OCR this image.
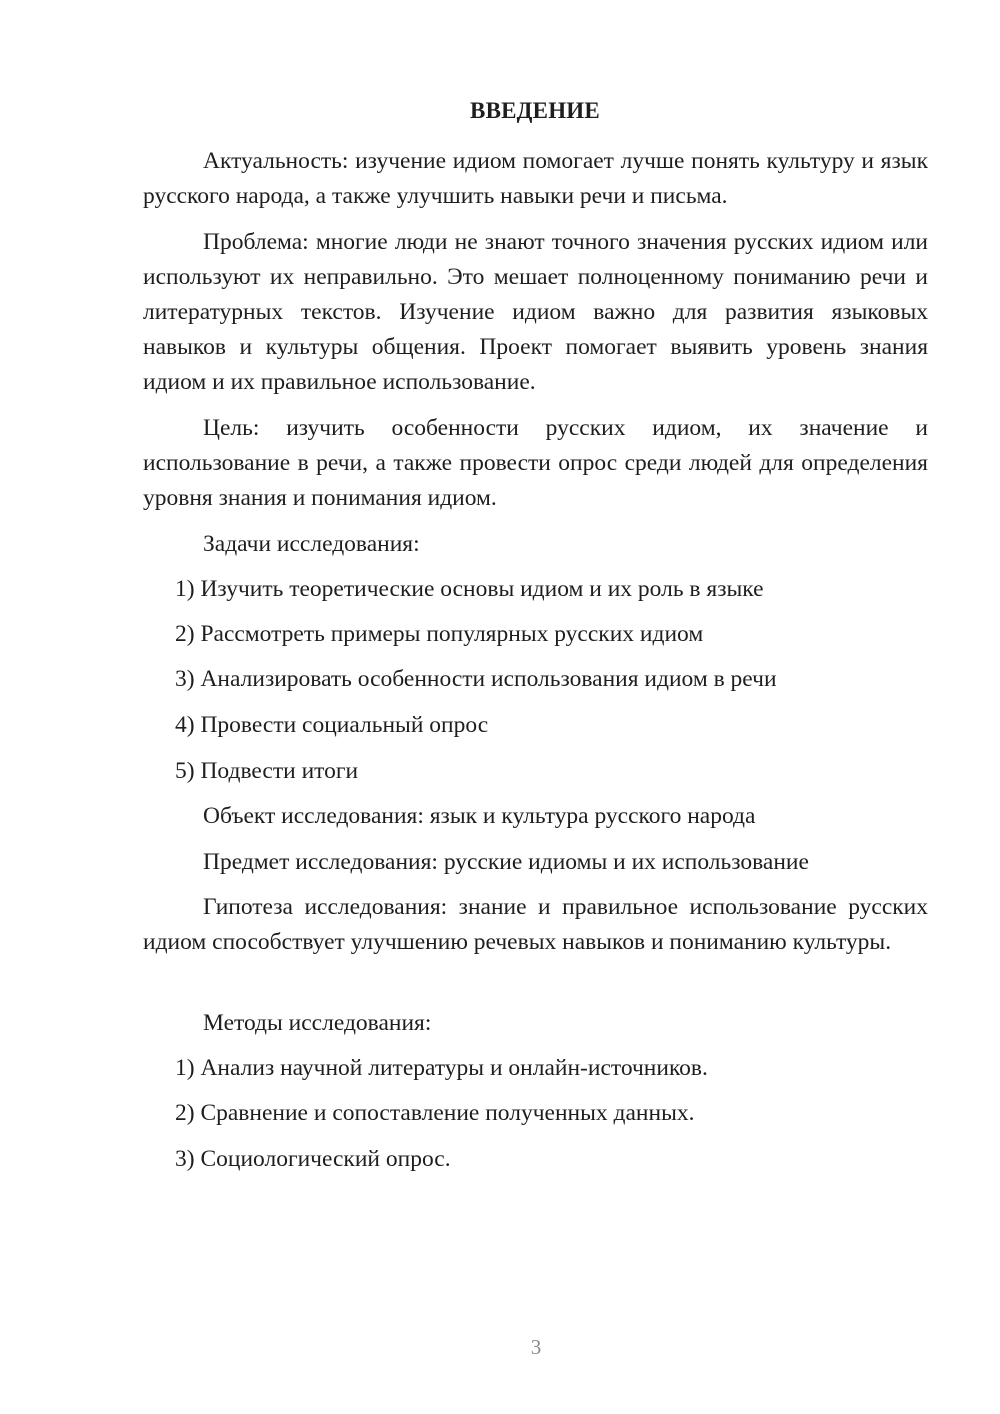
ВВЕДЕНИЕ

Актуальность: изучение идиом помогает лучше понять культуру и язык русского народа, а также улучшить навыки речи и письма.

Проблема: многие люди не знают точного значения русских идиом или используют их неправильно. Это мешает полноценному пониманию речи и литературных текстов. Изучение идиом важно для развития языковых навыков и культуры общения. Проект помогает выявить уровень знания идиом и их правильное использование.

Цель: изучить особенности русских идиом, их значение и использование в речи, а также провести опрос среди людей для определения уровня знания и понимания идиом.

Задачи исследования:

1) Изучить теоретические основы идиом и их роль в языке

2) Рассмотреть примеры популярных русских идиом

3) Анализировать особенности использования идиом в речи

4) Провести социальный опрос

5) Подвести итоги

Объект исследования: язык и культура русского народа

Предмет исследования: русские идиомы и их использование

Гипотеза исследования: знание и правильное использование русских идиом способствует улучшению речевых навыков и пониманию культуры.

Методы исследования:

1) Анализ научной литературы и онлайн-источников.

2) Сравнение и сопоставление полученных данных.

3) Социологический опрос.

3
